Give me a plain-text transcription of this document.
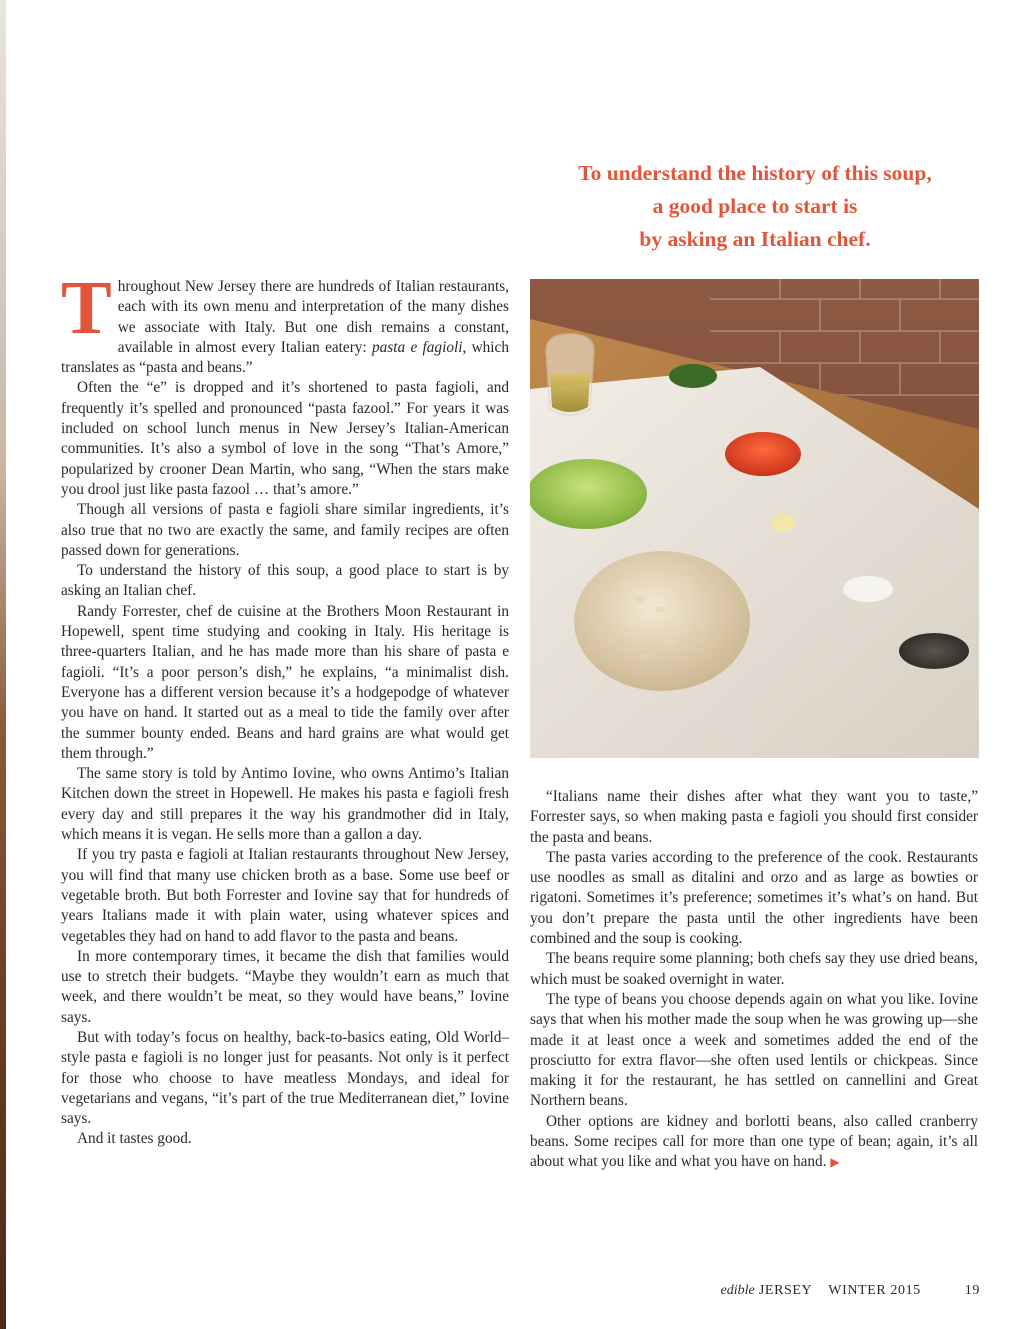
To understand the history of this soup,
a good place to start is
by asking an Italian chef.

Throughout New Jersey there are hundreds of Italian restaurants, each with its own menu and interpretation of the many dishes we associate with Italy. But one dish remains a constant, available in almost every Italian eatery: pasta e fagioli, which translates as “pasta and beans.”

Often the “e” is dropped and it’s shortened to pasta fagioli, and frequently it’s spelled and pronounced “pasta fazool.” For years it was included on school lunch menus in New Jersey’s Italian-American communities. It’s also a symbol of love in the song “That’s Amore,” popularized by crooner Dean Martin, who sang, “When the stars make you drool just like pasta fazool … that’s amore.”

Though all versions of pasta e fagioli share similar ingredients, it’s also true that no two are exactly the same, and family recipes are often passed down for generations.

To understand the history of this soup, a good place to start is by asking an Italian chef.

Randy Forrester, chef de cuisine at the Brothers Moon Restaurant in Hopewell, spent time studying and cooking in Italy. His heritage is three-quarters Italian, and he has made more than his share of pasta e fagioli. “It’s a poor person’s dish,” he explains, “a minimalist dish. Everyone has a different version because it’s a hodgepodge of whatever you have on hand. It started out as a meal to tide the family over after the summer bounty ended. Beans and hard grains are what would get them through.”

The same story is told by Antimo Iovine, who owns Antimo’s Italian Kitchen down the street in Hopewell. He makes his pasta e fagioli fresh every day and still prepares it the way his grandmother did in Italy, which means it is vegan. He sells more than a gallon a day.

If you try pasta e fagioli at Italian restaurants throughout New Jersey, you will find that many use chicken broth as a base. Some use beef or vegetable broth. But both Forrester and Iovine say that for hundreds of years Italians made it with plain water, using whatever spices and vegetables they had on hand to add flavor to the pasta and beans.

In more contemporary times, it became the dish that families would use to stretch their budgets. “Maybe they wouldn’t earn as much that week, and there wouldn’t be meat, so they would have beans,” Iovine says.

But with today’s focus on healthy, back-to-basics eating, Old World–style pasta e fagioli is no longer just for peasants. Not only is it perfect for those who choose to have meatless Mondays, and ideal for vegetarians and vegans, “it’s part of the true Mediterranean diet,” Iovine says.

And it tastes good.

“Italians name their dishes after what they want you to taste,” Forrester says, so when making pasta e fagioli you should first consider the pasta and beans.

The pasta varies according to the preference of the cook. Restaurants use noodles as small as ditalini and orzo and as large as bowties or rigatoni. Sometimes it’s preference; sometimes it’s what’s on hand. But you don’t prepare the pasta until the other ingredients have been combined and the soup is cooking.

The beans require some planning; both chefs say they use dried beans, which must be soaked overnight in water.

The type of beans you choose depends again on what you like. Iovine says that when his mother made the soup when he was growing up—she made it at least once a week and sometimes added the end of the prosciutto for extra flavor—she often used lentils or chickpeas. Since making it for the restaurant, he has settled on cannellini and Great Northern beans.

Other options are kidney and borlotti beans, also called cranberry beans. Some recipes call for more than one type of bean; again, it’s all about what you like and what you have on hand. ▶

edible JERSEY WINTER 2015	19
